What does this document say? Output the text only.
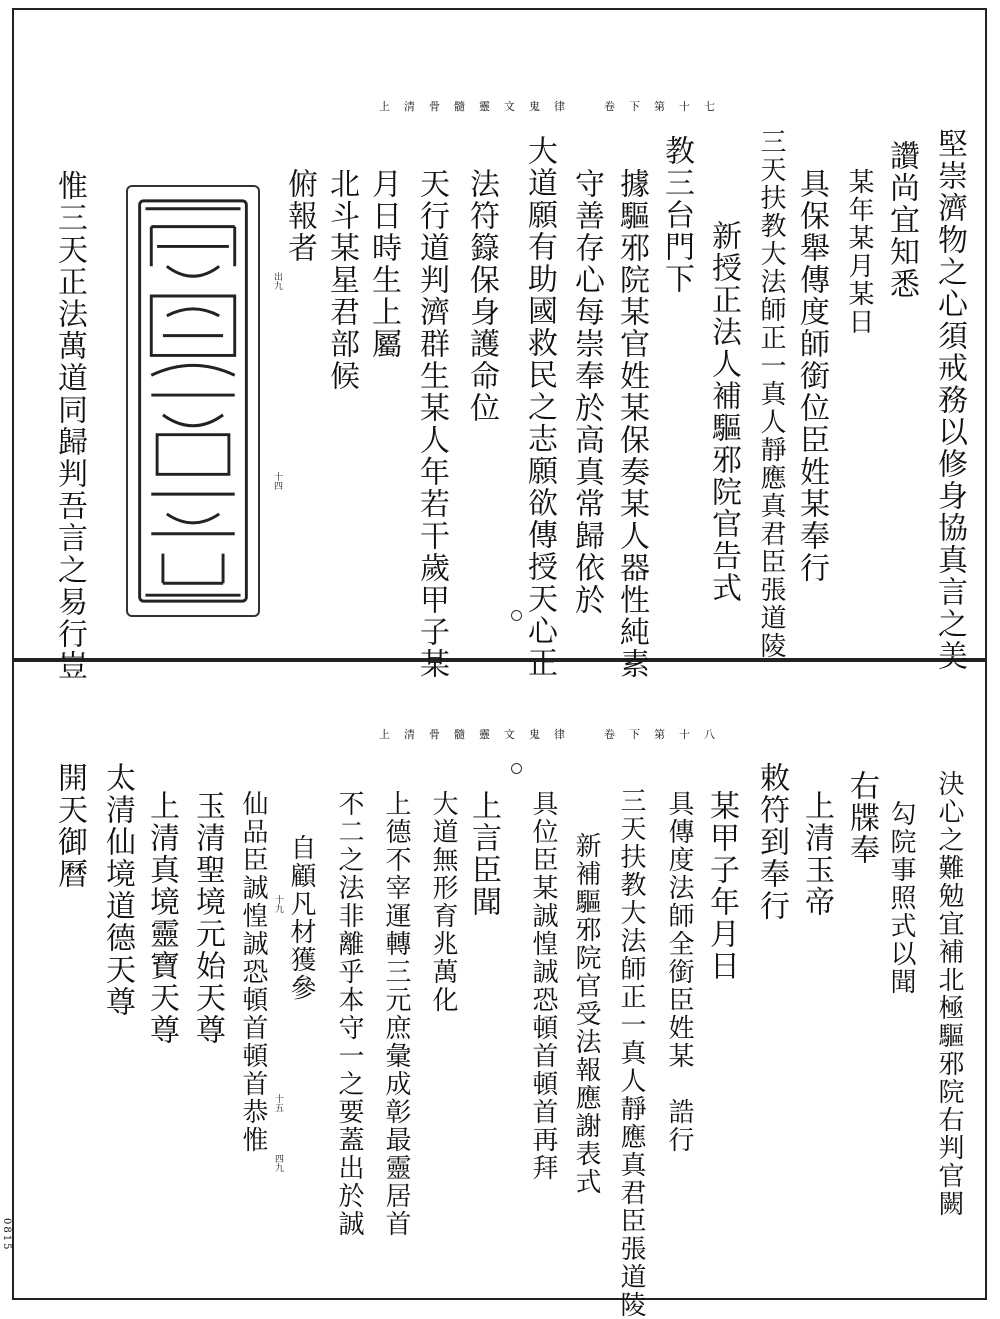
上清骨髓靈文鬼律　卷下第十七
堅崇濟物之心須戒務以修身協真言之美
讚尚宜知悉
某年某月某日
具保舉傳度師銜位臣姓某奉行
三天扶教大法師正一真人靜應真君臣張道陵
新授正法人補驅邪院官告式
教三台門下
據驅邪院某官姓某保奏某人器性純素
守善存心每崇奉於高真常歸依於
大道願有助國救民之志願欲傳授天心正
法符籙保身護命位
天行道判濟群生某人年若干歲甲子某
月日時生上屬
北斗某星君部候
俯報者
出九
十四
惟三天正法萬道同歸判吾言之易行豈
上清骨髓靈文鬼律　卷下第十八
決心之難勉宜補北極驅邪院右判官闕
勾院事照式以聞
右牒奉
上清玉帝
敕符到奉行
某甲子年月日
具傳度法師全銜臣姓某　誥行
三天扶教大法師正一真人靜應真君臣張道陵
新補驅邪院官受法報應謝表式
具位臣某誠惶誠恐頓首頓首再拜
上言臣聞
大道無形育兆萬化
上德不宰運轉三元庶彙成彰最靈居首
不二之法非離乎本守一之要蓋出於誠
自顧凡材獲參
仙品臣誠惶誠恐頓首頓首恭惟
玉清聖境元始天尊
上清真境靈寶天尊
太清仙境道德天尊
開天御曆
十九
十五
四九
0815
